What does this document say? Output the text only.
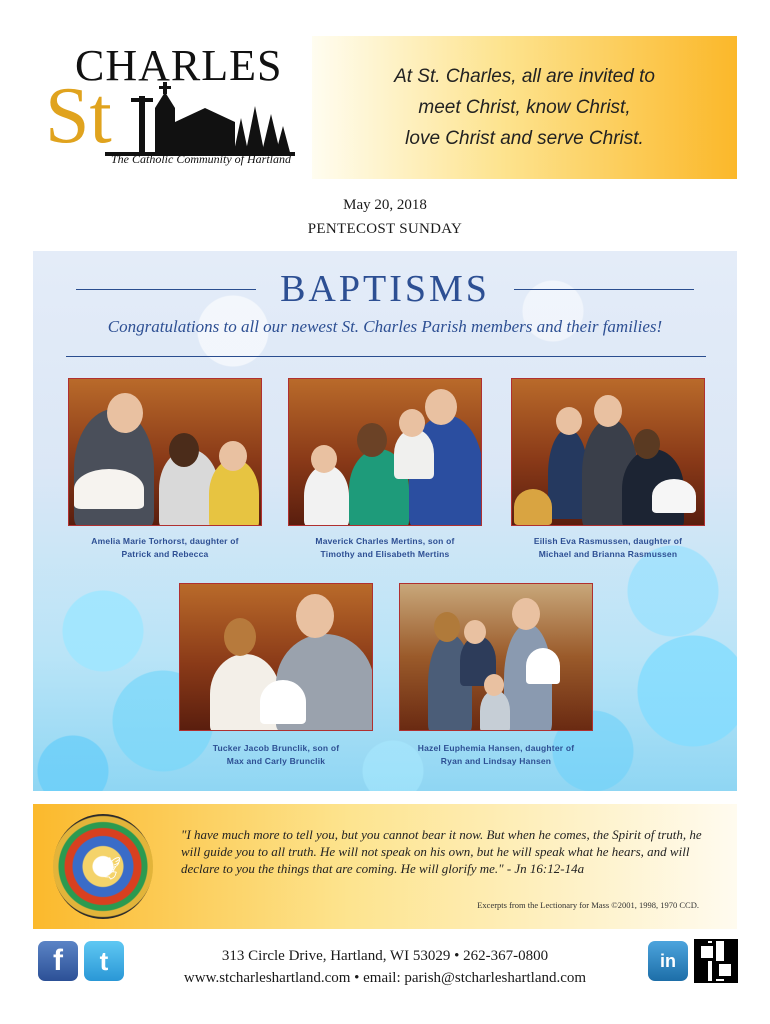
St
CHARLES
The Catholic Community of Hartland
At St. Charles, all are invited to
meet Christ, know Christ,
love Christ and serve Christ.
May 20, 2018
PENTECOST SUNDAY
BAPTISMS
Congratulations to all our newest St. Charles Parish members and their families!
Amelia Marie Torhorst, daughter of
Patrick and Rebecca
Maverick Charles Mertins, son of
Timothy and Elisabeth Mertins
Eilish Eva Rasmussen, daughter of
Michael and Brianna Rasmussen
Tucker Jacob Brunclik, son of
Max and Carly Brunclik
Hazel Euphemia Hansen, daughter of
Ryan and Lindsay Hansen
🕊
"I have much more to tell you, but you cannot bear it now. But when he comes, the Spirit of truth, he will guide you to all truth. He will not speak on his own, but he will speak what he hears, and will declare to you the things that are coming. He will glorify me." - Jn 16:12-14a
Excerpts from the Lectionary for Mass ©2001, 1998, 1970 CCD.
f	t	313 Circle Drive, Hartland, WI 53029 • 262-367-0800
www.stcharleshartland.com • email: parish@stcharleshartland.com
in
